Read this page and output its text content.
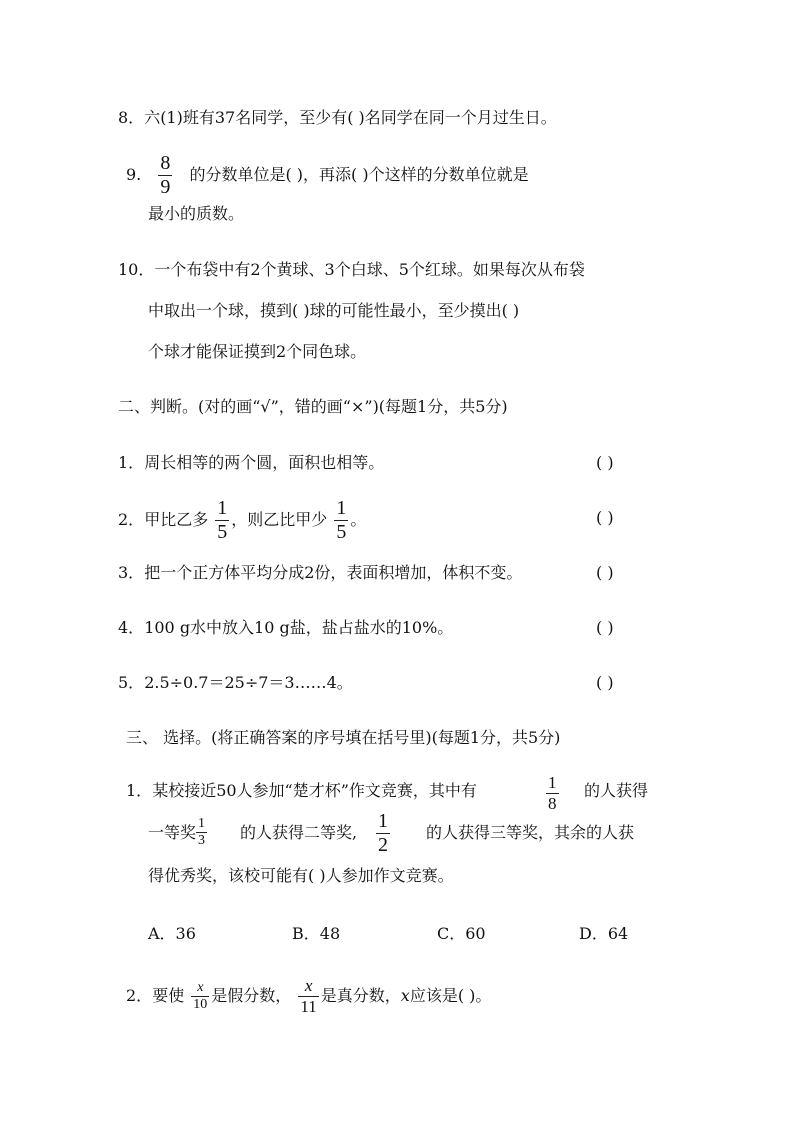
8．六(1)班有37名同学，至少有( )名同学在同一个月过生日。
9. $\frac{8}{9}$ 的分数单位是( )，再添( )个这样的分数单位就是
最小的质数。
10．一个布袋中有2个黄球、3个白球、5个红球。如果每次从布袋
中取出一个球，摸到( )球的可能性最小，至少摸出( )
个球才能保证摸到2个同色球。
二、判断。(对的画“√”，错的画“×”)(每题1分，共5分)
1．周长相等的两个圆，面积也相等。	( )
2．甲比乙多 $\frac{1}{5}$ ，则乙比甲少 $\frac{1}{5}$ 。	( )
3．把一个正方体平均分成2份，表面积增加，体积不变。	( )
4．100 g水中放入10 g盐，盐占盐水的10%。	( )
5．2.5÷0.7＝25÷7＝3……4。	( )
三、 选择。(将正确答案的序号填在括号里)(每题1分，共5分)
1．某校接近50人参加“楚才杯”作文竞赛，其中有	$\frac{1}{8}$ 的人获得
一等奖 $\frac{1}{3}$ 的人获得二等奖, $\frac{1}{2}$ 的人获得三等奖，其余的人获
得优秀奖，该校可能有( )人参加作文竞赛。
A．36	B．48	C．60	D．64
2．要使 $\frac{x}{10}$ 是假分数， $\frac{x}{11}$ 是真分数，x应该是( )。
